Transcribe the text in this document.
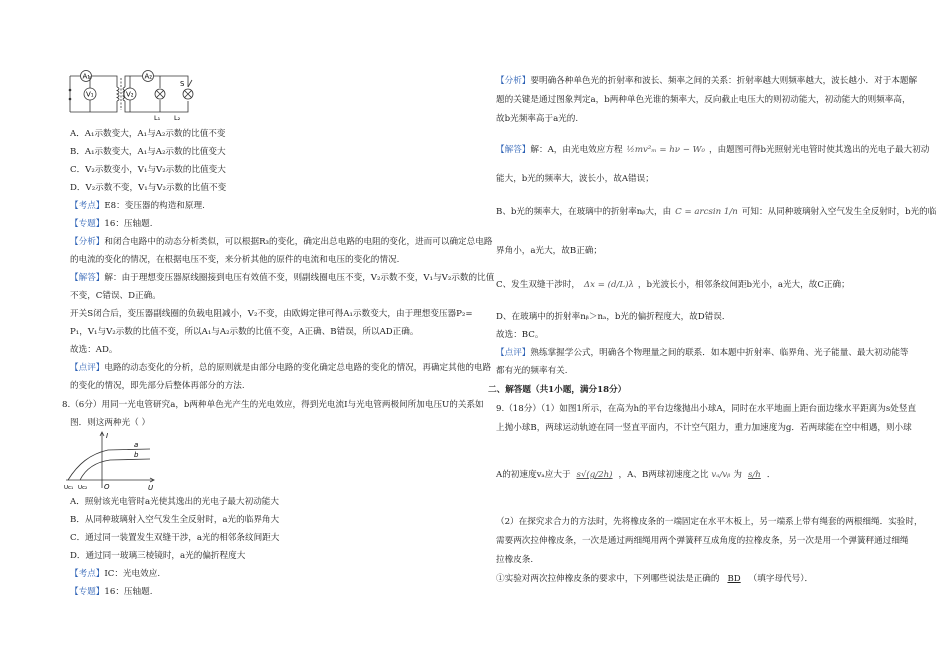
A₁
V₁
A₂
V₂
S
L₁ L₂
A．A₁示数变大，A₁与A₂示数的比值不变
B．A₁示数变大，A₁与A₂示数的比值变大
C．V₂示数变小，V₁与V₂示数的比值变大
D．V₂示数不变，V₁与V₂示数的比值不变
【考点】E8：变压器的构造和原理.
【专题】16：压轴题.
【分析】和闭合电路中的动态分析类似，可以根据R₃的变化，确定出总电路的电阻的变化，进而可以确定总电路
的电流的变化的情况，在根据电压不变，来分析其他的原件的电流和电压的变化的情况.
【解答】解：由于理想变压器原线圈接到电压有效值不变，则副线圈电压不变，V₂示数不变，V₁与V₂示数的比值
不变，C错误、D正确。
开关S闭合后，变压器副线圈的负载电阻减小，V₂不变，由欧姆定律可得A₁示数变大，由于理想变压器P₂=
P₁，V₁与V₂示数的比值不变，所以A₁与A₂示数的比值不变，A正确、B错误，所以AD正确。
故选：AD。
【点评】电路的动态变化的分析，总的原则就是由部分电路的变化确定总电路的变化的情况，再确定其他的电路
的变化的情况，即先部分后整体再部分的方法.
8.（6分）用同一光电管研究a，b两种单色光产生的光电效应，得到光电流I与光电管两极间所加电压U的关系如
图．则这两种光（ ）
I
U
O
a
b
Uᴄ₁ Uᴄ₂
A．照射该光电管时a光使其逸出的光电子最大初动能大
B．从同种玻璃射入空气发生全反射时，a光的临界角大
C．通过同一装置发生双缝干涉，a光的相邻条纹间距大
D．通过同一玻璃三棱镜时，a光的偏折程度大
【考点】IC：光电效应.
【专题】16：压轴题.
【分析】要明确各种单色光的折射率和波长、频率之间的关系：折射率越大则频率越大，波长越小．对于本题解
题的关键是通过图象判定a，b两种单色光谁的频率大，反向截止电压大的则初动能大，初动能大的则频率高，
故b光频率高于a光的.
【解答】解：A，由光电效应方程 ½mv²ₘ = hν − W₀ ，由题图可得b光照射光电管时使其逸出的光电子最大初动
能大，b光的频率大，波长小，故A错误；
B、b光的频率大，在玻璃中的折射率nᵦ大，由 C = arcsin 1/n 可知：从同种玻璃射入空气发生全反射时，b光的临
界角小，a光大，故B正确；
C、发生双缝干涉时， Δx = (d/L)λ ，b光波长小，相邻条纹间距b光小，a光大，故C正确；
D、在玻璃中的折射率nᵦ＞nₐ，b光的偏折程度大，故D错误．
故选：BC。
【点评】熟练掌握学公式，明确各个物理量之间的联系．如本题中折射率、临界角、光子能量、最大初动能等
都有光的频率有关.
二、解答题（共1小题，满分18分）
9.（18分）（1）如图1所示，在高为h的平台边缘抛出小球A，同时在水平地面上距台面边缘水平距离为s处竖直
上抛小球B，两球运动轨迹在同一竖直平面内，不计空气阻力，重力加速度为g．若两球能在空中相遇，则小球
A的初速度vₐ应大于 s√(g/2h) ，A、B两球初速度之比 vₐ/vᵦ 为 s/h ．
（2）在探究求合力的方法时，先将橡皮条的一端固定在水平木板上，另一端系上带有绳套的两根细绳．实验时，
需要两次拉伸橡皮条，一次是通过两细绳用两个弹簧秤互成角度的拉橡皮条，另一次是用一个弹簧秤通过细绳
拉橡皮条.
①实验对两次拉伸橡皮条的要求中，下列哪些说法是正确的 BD （填字母代号）．
